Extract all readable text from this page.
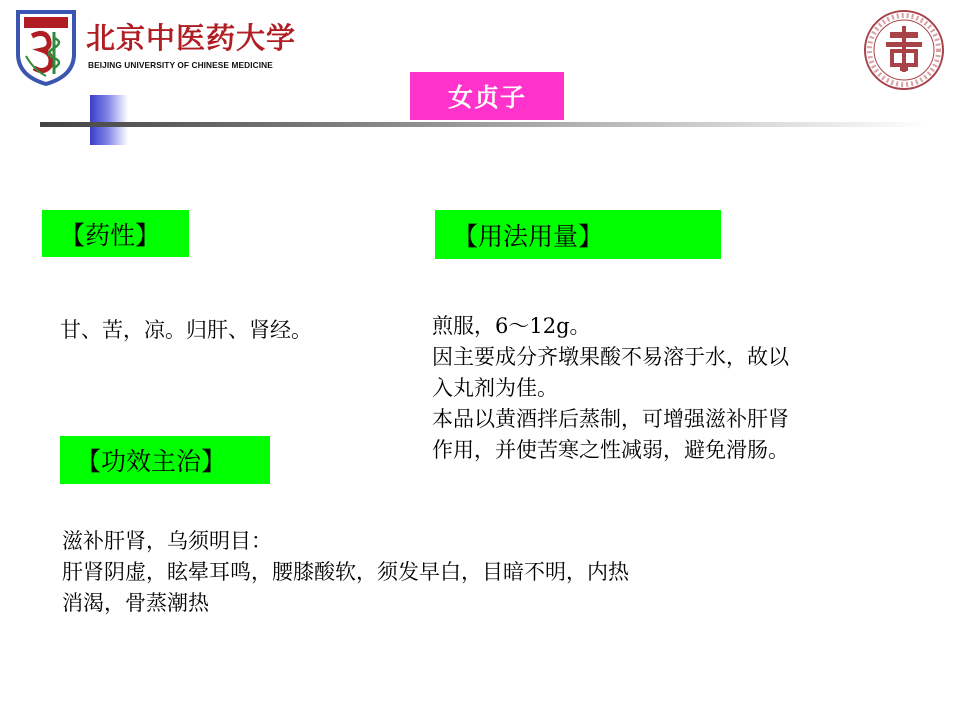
北京中医药大学
BEIJING UNIVERSITY OF CHINESE MEDICINE
女贞子
【药性】	【用法用量】
【功效主治】
甘、苦，凉。归肝、肾经。	煎服，6～12g。
因主要成分齐墩果酸不易溶于水，故以
入丸剂为佳。
本品以黄酒拌后蒸制，可增强滋补肝肾
作用，并使苦寒之性减弱，避免滑肠。
滋补肝肾，乌须明目：
肝肾阴虚，眩晕耳鸣，腰膝酸软，须发早白，目暗不明，内热
消渴，骨蒸潮热
